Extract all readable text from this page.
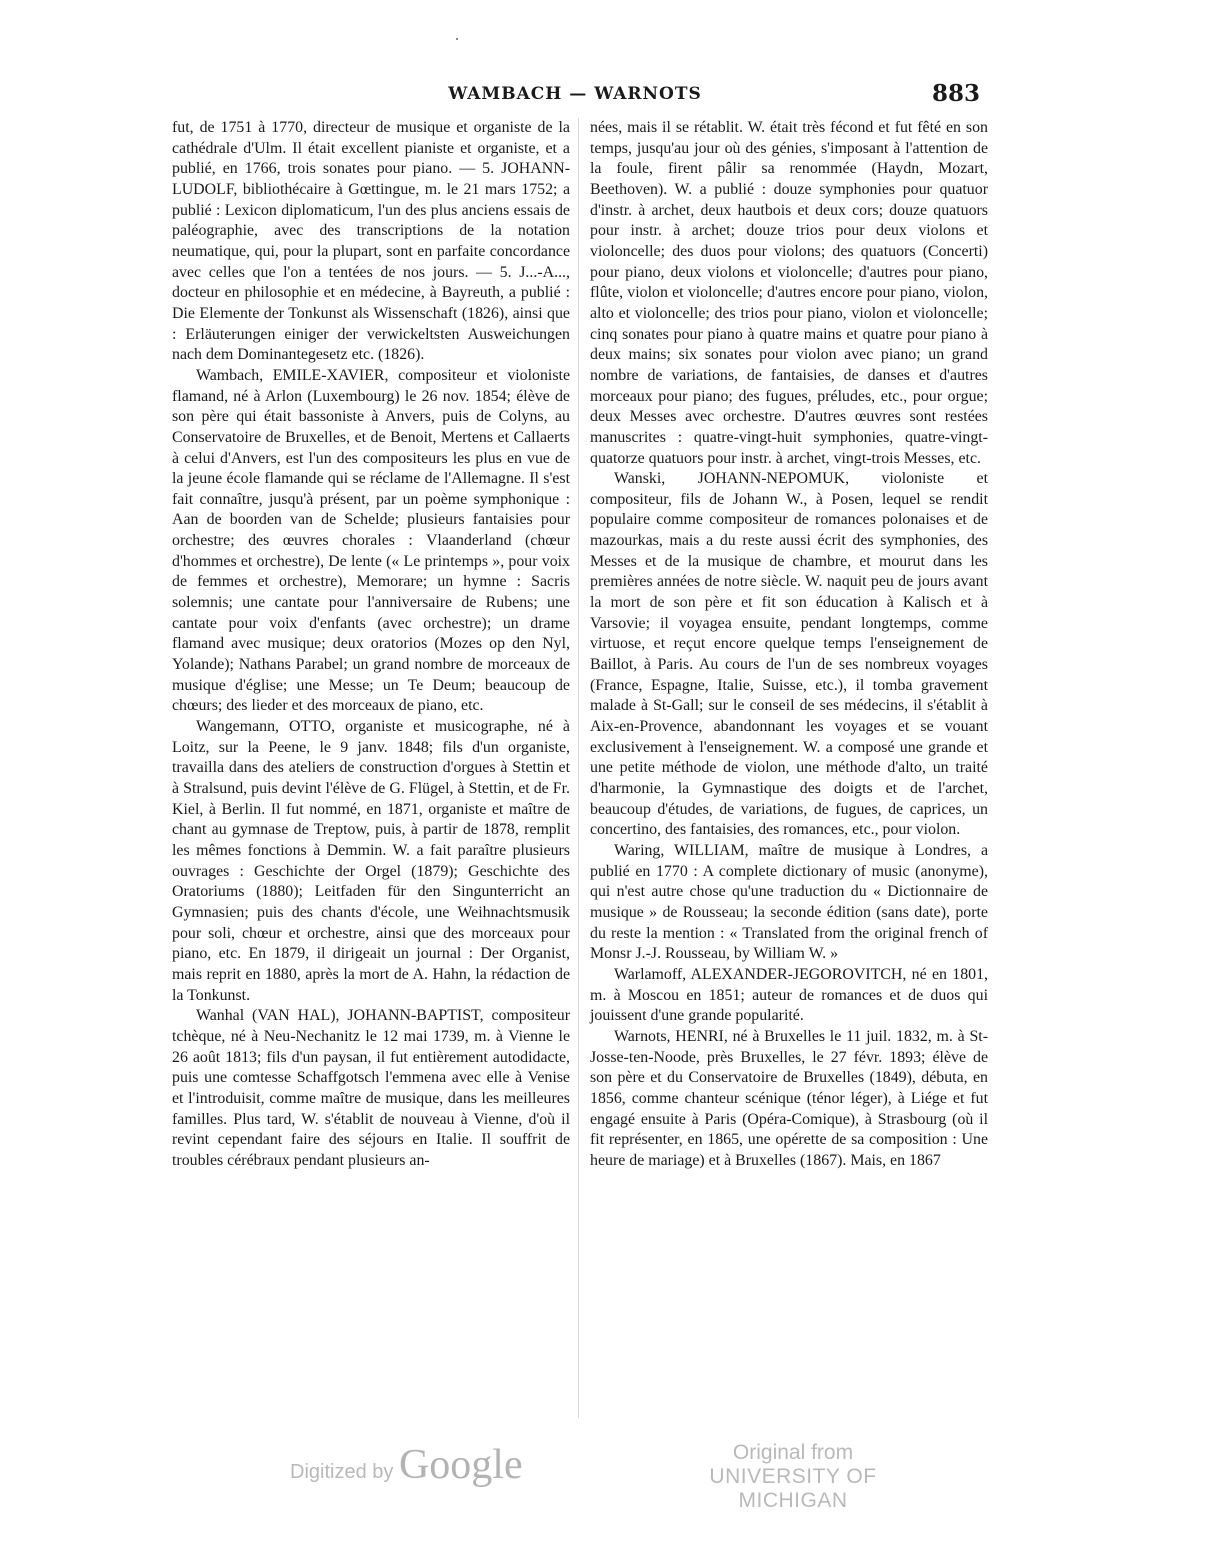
WAMBACH — WARNOTS	883

fut, de 1751 à 1770, directeur de musique et organiste de la cathédrale d'Ulm. Il était excellent pianiste et organiste, et a publié, en 1766, trois sonates pour piano. — 5. JOHANN-LUDOLF, bibliothécaire à Gœttingue, m. le 21 mars 1752; a publié : Lexicon diplomaticum, l'un des plus anciens essais de paléographie, avec des transcriptions de la notation neumatique, qui, pour la plupart, sont en parfaite concordance avec celles que l'on a tentées de nos jours. — 5. J...-A..., docteur en philosophie et en médecine, à Bayreuth, a publié : Die Elemente der Tonkunst als Wissenschaft (1826), ainsi que : Erläuterungen einiger der verwickeltsten Ausweichungen nach dem Dominantegesetz etc. (1826).

Wambach, EMILE-XAVIER, compositeur et violoniste flamand, né à Arlon (Luxembourg) le 26 nov. 1854; élève de son père qui était bassoniste à Anvers, puis de Colyns, au Conservatoire de Bruxelles, et de Benoit, Mertens et Callaerts à celui d'Anvers, est l'un des compositeurs les plus en vue de la jeune école flamande qui se réclame de l'Allemagne. Il s'est fait connaître, jusqu'à présent, par un poème symphonique : Aan de boorden van de Schelde; plusieurs fantaisies pour orchestre; des œuvres chorales : Vlaanderland (chœur d'hommes et orchestre), De lente (« Le printemps », pour voix de femmes et orchestre), Memorare; un hymne : Sacris solemnis; une cantate pour l'anniversaire de Rubens; une cantate pour voix d'enfants (avec orchestre); un drame flamand avec musique; deux oratorios (Mozes op den Nyl, Yolande); Nathans Parabel; un grand nombre de morceaux de musique d'église; une Messe; un Te Deum; beaucoup de chœurs; des lieder et des morceaux de piano, etc.

Wangemann, OTTO, organiste et musicographe, né à Loitz, sur la Peene, le 9 janv. 1848; fils d'un organiste, travailla dans des ateliers de construction d'orgues à Stettin et à Stralsund, puis devint l'élève de G. Flügel, à Stettin, et de Fr. Kiel, à Berlin. Il fut nommé, en 1871, organiste et maître de chant au gymnase de Treptow, puis, à partir de 1878, remplit les mêmes fonctions à Demmin. W. a fait paraître plusieurs ouvrages : Geschichte der Orgel (1879); Geschichte des Oratoriums (1880); Leitfaden für den Singunterricht an Gymnasien; puis des chants d'école, une Weihnachtsmusik pour soli, chœur et orchestre, ainsi que des morceaux pour piano, etc. En 1879, il dirigeait un journal : Der Organist, mais reprit en 1880, après la mort de A. Hahn, la rédaction de la Tonkunst.

Wanhal (VAN HAL), JOHANN-BAPTIST, compositeur tchèque, né à Neu-Nechanitz le 12 mai 1739, m. à Vienne le 26 août 1813; fils d'un paysan, il fut entièrement autodidacte, puis une comtesse Schaffgotsch l'emmena avec elle à Venise et l'introduisit, comme maître de musique, dans les meilleures familles. Plus tard, W. s'établit de nouveau à Vienne, d'où il revint cependant faire des séjours en Italie. Il souffrit de troubles cérébraux pendant plusieurs an-

nées, mais il se rétablit. W. était très fécond et fut fêté en son temps, jusqu'au jour où des génies, s'imposant à l'attention de la foule, firent pâlir sa renommée (Haydn, Mozart, Beethoven). W. a publié : douze symphonies pour quatuor d'instr. à archet, deux hautbois et deux cors; douze quatuors pour instr. à archet; douze trios pour deux violons et violoncelle; des duos pour violons; des quatuors (Concerti) pour piano, deux violons et violoncelle; d'autres pour piano, flûte, violon et violoncelle; d'autres encore pour piano, violon, alto et violoncelle; des trios pour piano, violon et violoncelle; cinq sonates pour piano à quatre mains et quatre pour piano à deux mains; six sonates pour violon avec piano; un grand nombre de variations, de fantaisies, de danses et d'autres morceaux pour piano; des fugues, préludes, etc., pour orgue; deux Messes avec orchestre. D'autres œuvres sont restées manuscrites : quatre-vingt-huit symphonies, quatre-vingt-quatorze quatuors pour instr. à archet, vingt-trois Messes, etc.

Wanski, JOHANN-NEPOMUK, violoniste et compositeur, fils de Johann W., à Posen, lequel se rendit populaire comme compositeur de romances polonaises et de mazourkas, mais a du reste aussi écrit des symphonies, des Messes et de la musique de chambre, et mourut dans les premières années de notre siècle. W. naquit peu de jours avant la mort de son père et fit son éducation à Kalisch et à Varsovie; il voyagea ensuite, pendant longtemps, comme virtuose, et reçut encore quelque temps l'enseignement de Baillot, à Paris. Au cours de l'un de ses nombreux voyages (France, Espagne, Italie, Suisse, etc.), il tomba gravement malade à St-Gall; sur le conseil de ses médecins, il s'établit à Aix-en-Provence, abandonnant les voyages et se vouant exclusivement à l'enseignement. W. a composé une grande et une petite méthode de violon, une méthode d'alto, un traité d'harmonie, la Gymnastique des doigts et de l'archet, beaucoup d'études, de variations, de fugues, de caprices, un concertino, des fantaisies, des romances, etc., pour violon.

Waring, WILLIAM, maître de musique à Londres, a publié en 1770 : A complete dictionary of music (anonyme), qui n'est autre chose qu'une traduction du « Dictionnaire de musique » de Rousseau; la seconde édition (sans date), porte du reste la mention : « Translated from the original french of Monsr J.-J. Rousseau, by William W. »

Warlamoff, ALEXANDER-JEGOROVITCH, né en 1801, m. à Moscou en 1851; auteur de romances et de duos qui jouissent d'une grande popularité.

Warnots, HENRI, né à Bruxelles le 11 juil. 1832, m. à St-Josse-ten-Noode, près Bruxelles, le 27 févr. 1893; élève de son père et du Conservatoire de Bruxelles (1849), débuta, en 1856, comme chanteur scénique (ténor léger), à Liége et fut engagé ensuite à Paris (Opéra-Comique), à Strasbourg (où il fit représenter, en 1865, une opérette de sa composition : Une heure de mariage) et à Bruxelles (1867). Mais, en 1867

Digitized by Google	Original from
UNIVERSITY OF MICHIGAN
